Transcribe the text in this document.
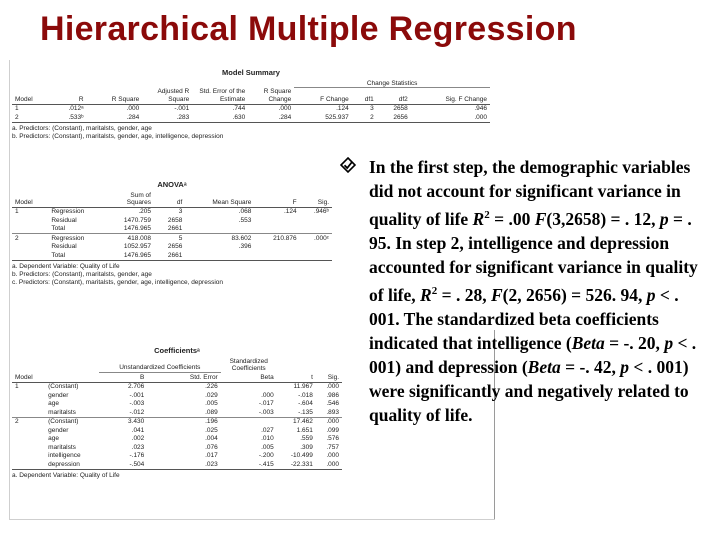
Hierarchical Multiple Regression
Model Summary
						Change Statistics			
Model	R	R Square	Adjusted R Square	Std. Error of the Estimate	R Square Change	F Change	df1	df2	Sig. F Change
1	.012ᵃ	.000	-.001	.744	.000	.124	3	2658	.946
2	.533ᵇ	.284	.283	.630	.284	525.937	2	2656	.000
a. Predictors: (Constant), maritalsts, gender, age
b. Predictors: (Constant), maritalsts, gender, age, intelligence, depression
ANOVAᵃ
Model		Sum of Squares	df	Mean Square	F	Sig.
1	Regression	.205	3	.068	.124	.946ᵇ
	Residual	1470.759	2658	.553		
	Total	1476.965	2661			
2	Regression	418.008	5	83.602	210.876	.000ᶜ
	Residual	1052.957	2656	.396		
	Total	1476.965	2661			
a. Dependent Variable: Quality of Life
b. Predictors: (Constant), maritalsts, gender, age
c. Predictors: (Constant), maritalsts, gender, age, intelligence, depression
Coefficientsᵃ
		Unstandardized Coefficients		Standardized Coefficients		
Model		B	Std. Error	Beta	t	Sig.
1	(Constant)	2.706	.226		11.967	.000
	gender	-.001	.029	.000	-.018	.986
	age	-.003	.005	-.017	-.604	.546
	maritalsts	-.012	.089	-.003	-.135	.893
2	(Constant)	3.430	.196		17.462	.000
	gender	.041	.025	.027	1.651	.099
	age	.002	.004	.010	.559	.576
	maritalsts	.023	.076	.005	.309	.757
	intelligence	-.176	.017	-.200	-10.499	.000
	depression	-.504	.023	-.415	-22.331	.000
a. Dependent Variable: Quality of Life
In the first step, the demographic variables did not account for significant variance in quality of life $R^2 = .00$ F(3,2658) = . 12, p = . 95. In step 2, intelligence and depression accounted for significant variance in quality of life, $R^2$ = . 28, F(2, 2656) = 526. 94, p < . 001. The standardized beta coefficients indicated that intelligence (Beta = -. 20, p < . 001) and depression (Beta = -. 42, p < . 001) were significantly and negatively related to quality of life.
